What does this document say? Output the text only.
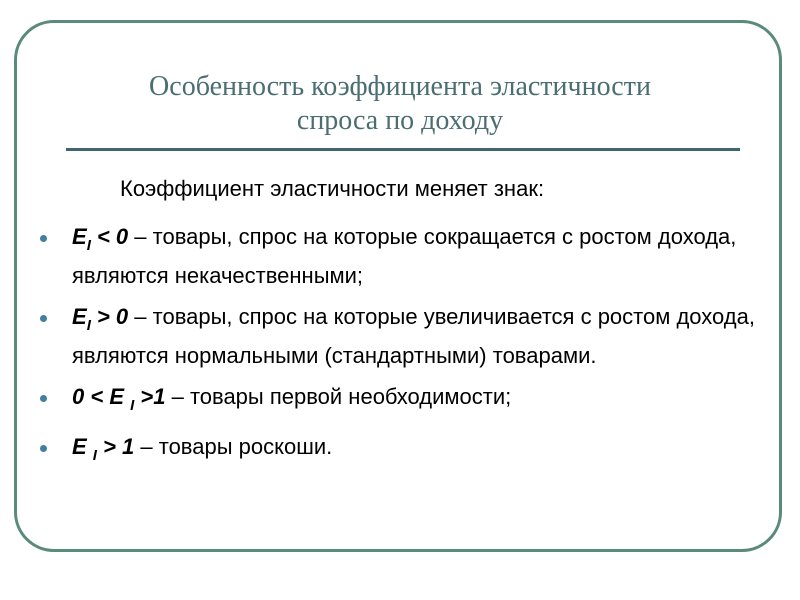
Особенность коэффициента эластичности
спроса по доходу
Коэффициент эластичности меняет знак:
$E_I < 0$ – товары, спрос на которые сокращается с ростом дохода, являются некачественными;
$E_I > 0$ – товары, спрос на которые увеличивается с ростом дохода, являются нормальными (стандартными) товарами.
0 < E $_I$ >1 – товары первой необходимости;
E $_I$ > 1 – товары роскоши.
